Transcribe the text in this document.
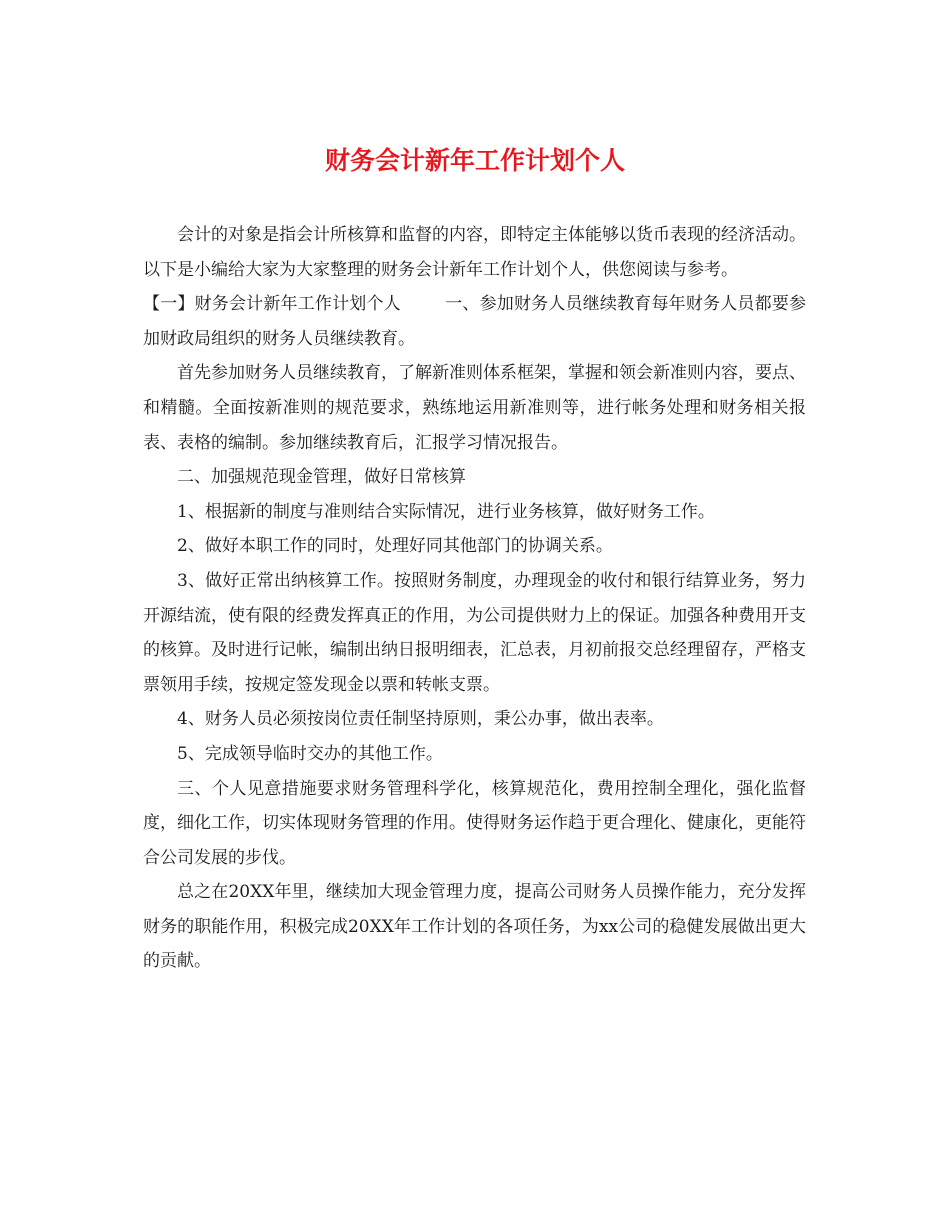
财务会计新年工作计划个人

会计的对象是指会计所核算和监督的内容，即特定主体能够以货币表现的经济活动。以下是小编给大家为大家整理的财务会计新年工作计划个人，供您阅读与参考。

【一】财务会计新年工作计划个人	一、参加财务人员继续教育每年财务人员都要参加财政局组织的财务人员继续教育。

首先参加财务人员继续教育，了解新准则体系框架，掌握和领会新准则内容，要点、和精髓。全面按新准则的规范要求，熟练地运用新准则等，进行帐务处理和财务相关报表、表格的编制。参加继续教育后，汇报学习情况报告。

二、加强规范现金管理，做好日常核算

1、根据新的制度与准则结合实际情况，进行业务核算，做好财务工作。

2、做好本职工作的同时，处理好同其他部门的协调关系。

3、做好正常出纳核算工作。按照财务制度，办理现金的收付和银行结算业务，努力开源结流，使有限的经费发挥真正的作用，为公司提供财力上的保证。加强各种费用开支的核算。及时进行记帐，编制出纳日报明细表，汇总表，月初前报交总经理留存，严格支票领用手续，按规定签发现金以票和转帐支票。

4、财务人员必须按岗位责任制坚持原则，秉公办事，做出表率。

5、完成领导临时交办的其他工作。

三、个人见意措施要求财务管理科学化，核算规范化，费用控制全理化，强化监督度，细化工作，切实体现财务管理的作用。使得财务运作趋于更合理化、健康化，更能符合公司发展的步伐。

总之在20XX年里，继续加大现金管理力度，提高公司财务人员操作能力，充分发挥财务的职能作用，积极完成20XX年工作计划的各项任务，为xx公司的稳健发展做出更大的贡献。
